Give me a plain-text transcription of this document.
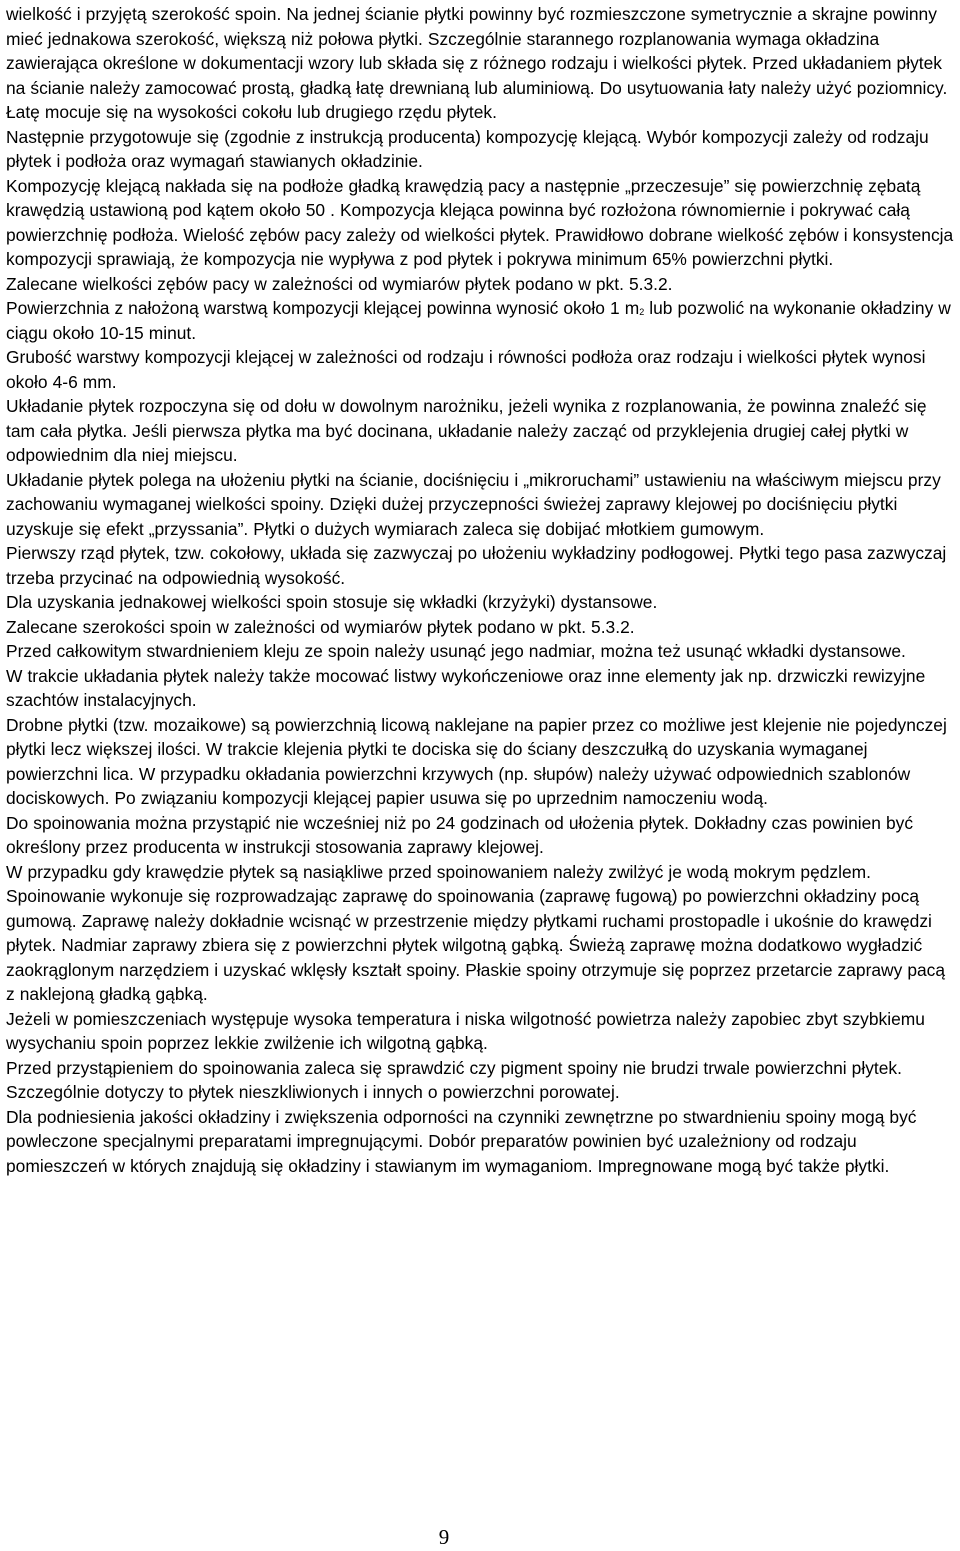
wielkość i przyjętą szerokość spoin. Na jednej ścianie płytki powinny być rozmieszczone symetrycznie a skrajne powinny mieć jednakowa szerokość, większą niż połowa płytki. Szczególnie starannego rozplanowania wymaga okładzina zawierająca określone w dokumentacji wzory lub składa się z różnego rodzaju i wielkości płytek. Przed układaniem płytek na ścianie należy zamocować prostą, gładką łatę drewnianą lub aluminiową. Do usytuowania łaty należy użyć poziomnicy. Łatę mocuje się na wysokości cokołu lub drugiego rzędu płytek.

Następnie przygotowuje się (zgodnie z instrukcją producenta) kompozycję klejącą. Wybór kompozycji zależy od rodzaju płytek i podłoża oraz wymagań stawianych okładzinie.

Kompozycję klejącą nakłada się na podłoże gładką krawędzią pacy a następnie „przeczesuje” się powierzchnię zębatą krawędzią ustawioną pod kątem około 50 . Kompozycja klejąca powinna być rozłożona równomiernie i pokrywać całą powierzchnię podłoża. Wielość zębów pacy zależy od wielkości płytek. Prawidłowo dobrane wielkość zębów i konsystencja kompozycji sprawiają, że kompozycja nie wypływa z pod płytek i pokrywa minimum 65% powierzchni płytki.

Zalecane wielkości zębów pacy w zależności od wymiarów płytek podano w pkt. 5.3.2.

Powierzchnia z nałożoną warstwą kompozycji klejącej powinna wynosić około 1 $m_2$ lub pozwolić na wykonanie okładziny w ciągu około 10-15 minut.

Grubość warstwy kompozycji klejącej w zależności od rodzaju i równości podłoża oraz rodzaju i wielkości płytek wynosi około 4-6 mm.

Układanie płytek rozpoczyna się od dołu w dowolnym narożniku, jeżeli wynika z rozplanowania, że powinna znaleźć się tam cała płytka. Jeśli pierwsza płytka ma być docinana, układanie należy zacząć od przyklejenia drugiej całej płytki w odpowiednim dla niej miejscu.

Układanie płytek polega na ułożeniu płytki na ścianie, dociśnięciu i „mikroruchami” ustawieniu na właściwym miejscu przy zachowaniu wymaganej wielkości spoiny. Dzięki dużej przyczepności świeżej zaprawy klejowej po dociśnięciu płytki uzyskuje się efekt „przyssania”. Płytki o dużych wymiarach zaleca się dobijać młotkiem gumowym.

Pierwszy rząd płytek, tzw. cokołowy, układa się zazwyczaj po ułożeniu wykładziny podłogowej. Płytki tego pasa zazwyczaj trzeba przycinać na odpowiednią wysokość.

Dla uzyskania jednakowej wielkości spoin stosuje się wkładki (krzyżyki) dystansowe.

Zalecane szerokości spoin w zależności od wymiarów płytek podano w pkt. 5.3.2.

Przed całkowitym stwardnieniem kleju ze spoin należy usunąć jego nadmiar, można też usunąć wkładki dystansowe.

W trakcie układania płytek należy także mocować listwy wykończeniowe oraz inne elementy jak np. drzwiczki rewizyjne szachtów instalacyjnych.

Drobne płytki (tzw. mozaikowe) są powierzchnią licową naklejane na papier przez co możliwe jest klejenie nie pojedynczej płytki lecz większej ilości. W trakcie klejenia płytki te dociska się do ściany deszczułką do uzyskania wymaganej powierzchni lica. W przypadku okładania powierzchni krzywych (np. słupów) należy używać odpowiednich szablonów dociskowych. Po związaniu kompozycji klejącej papier usuwa się po uprzednim namoczeniu wodą.

Do spoinowania można przystąpić nie wcześniej niż po 24 godzinach od ułożenia płytek. Dokładny czas powinien być określony przez producenta w instrukcji stosowania zaprawy klejowej.

W przypadku gdy krawędzie płytek są nasiąkliwe przed spoinowaniem należy zwilżyć je wodą mokrym pędzlem.

Spoinowanie wykonuje się rozprowadzając zaprawę do spoinowania (zaprawę fugową) po powierzchni okładziny pocą gumową. Zaprawę należy dokładnie wcisnąć w przestrzenie między płytkami ruchami prostopadle i ukośnie do krawędzi płytek. Nadmiar zaprawy zbiera się z powierzchni płytek wilgotną gąbką. Świeżą zaprawę można dodatkowo wygładzić zaokrąglonym narzędziem i uzyskać wklęsły kształt spoiny. Płaskie spoiny otrzymuje się poprzez przetarcie zaprawy pacą z naklejoną gładką gąbką.

Jeżeli w pomieszczeniach występuje wysoka temperatura i niska wilgotność powietrza należy zapobiec zbyt szybkiemu wysychaniu spoin poprzez lekkie zwilżenie ich wilgotną gąbką.

Przed przystąpieniem do spoinowania zaleca się sprawdzić czy pigment spoiny nie brudzi trwale powierzchni płytek. Szczególnie dotyczy to płytek nieszkliwionych i innych o powierzchni porowatej.

Dla podniesienia jakości okładziny i zwiększenia odporności na czynniki zewnętrzne po stwardnieniu spoiny mogą być powleczone specjalnymi preparatami impregnującymi. Dobór preparatów powinien być uzależniony od rodzaju pomieszczeń w których znajdują się okładziny i stawianym im wymaganiom. Impregnowane mogą być także płytki.

9
